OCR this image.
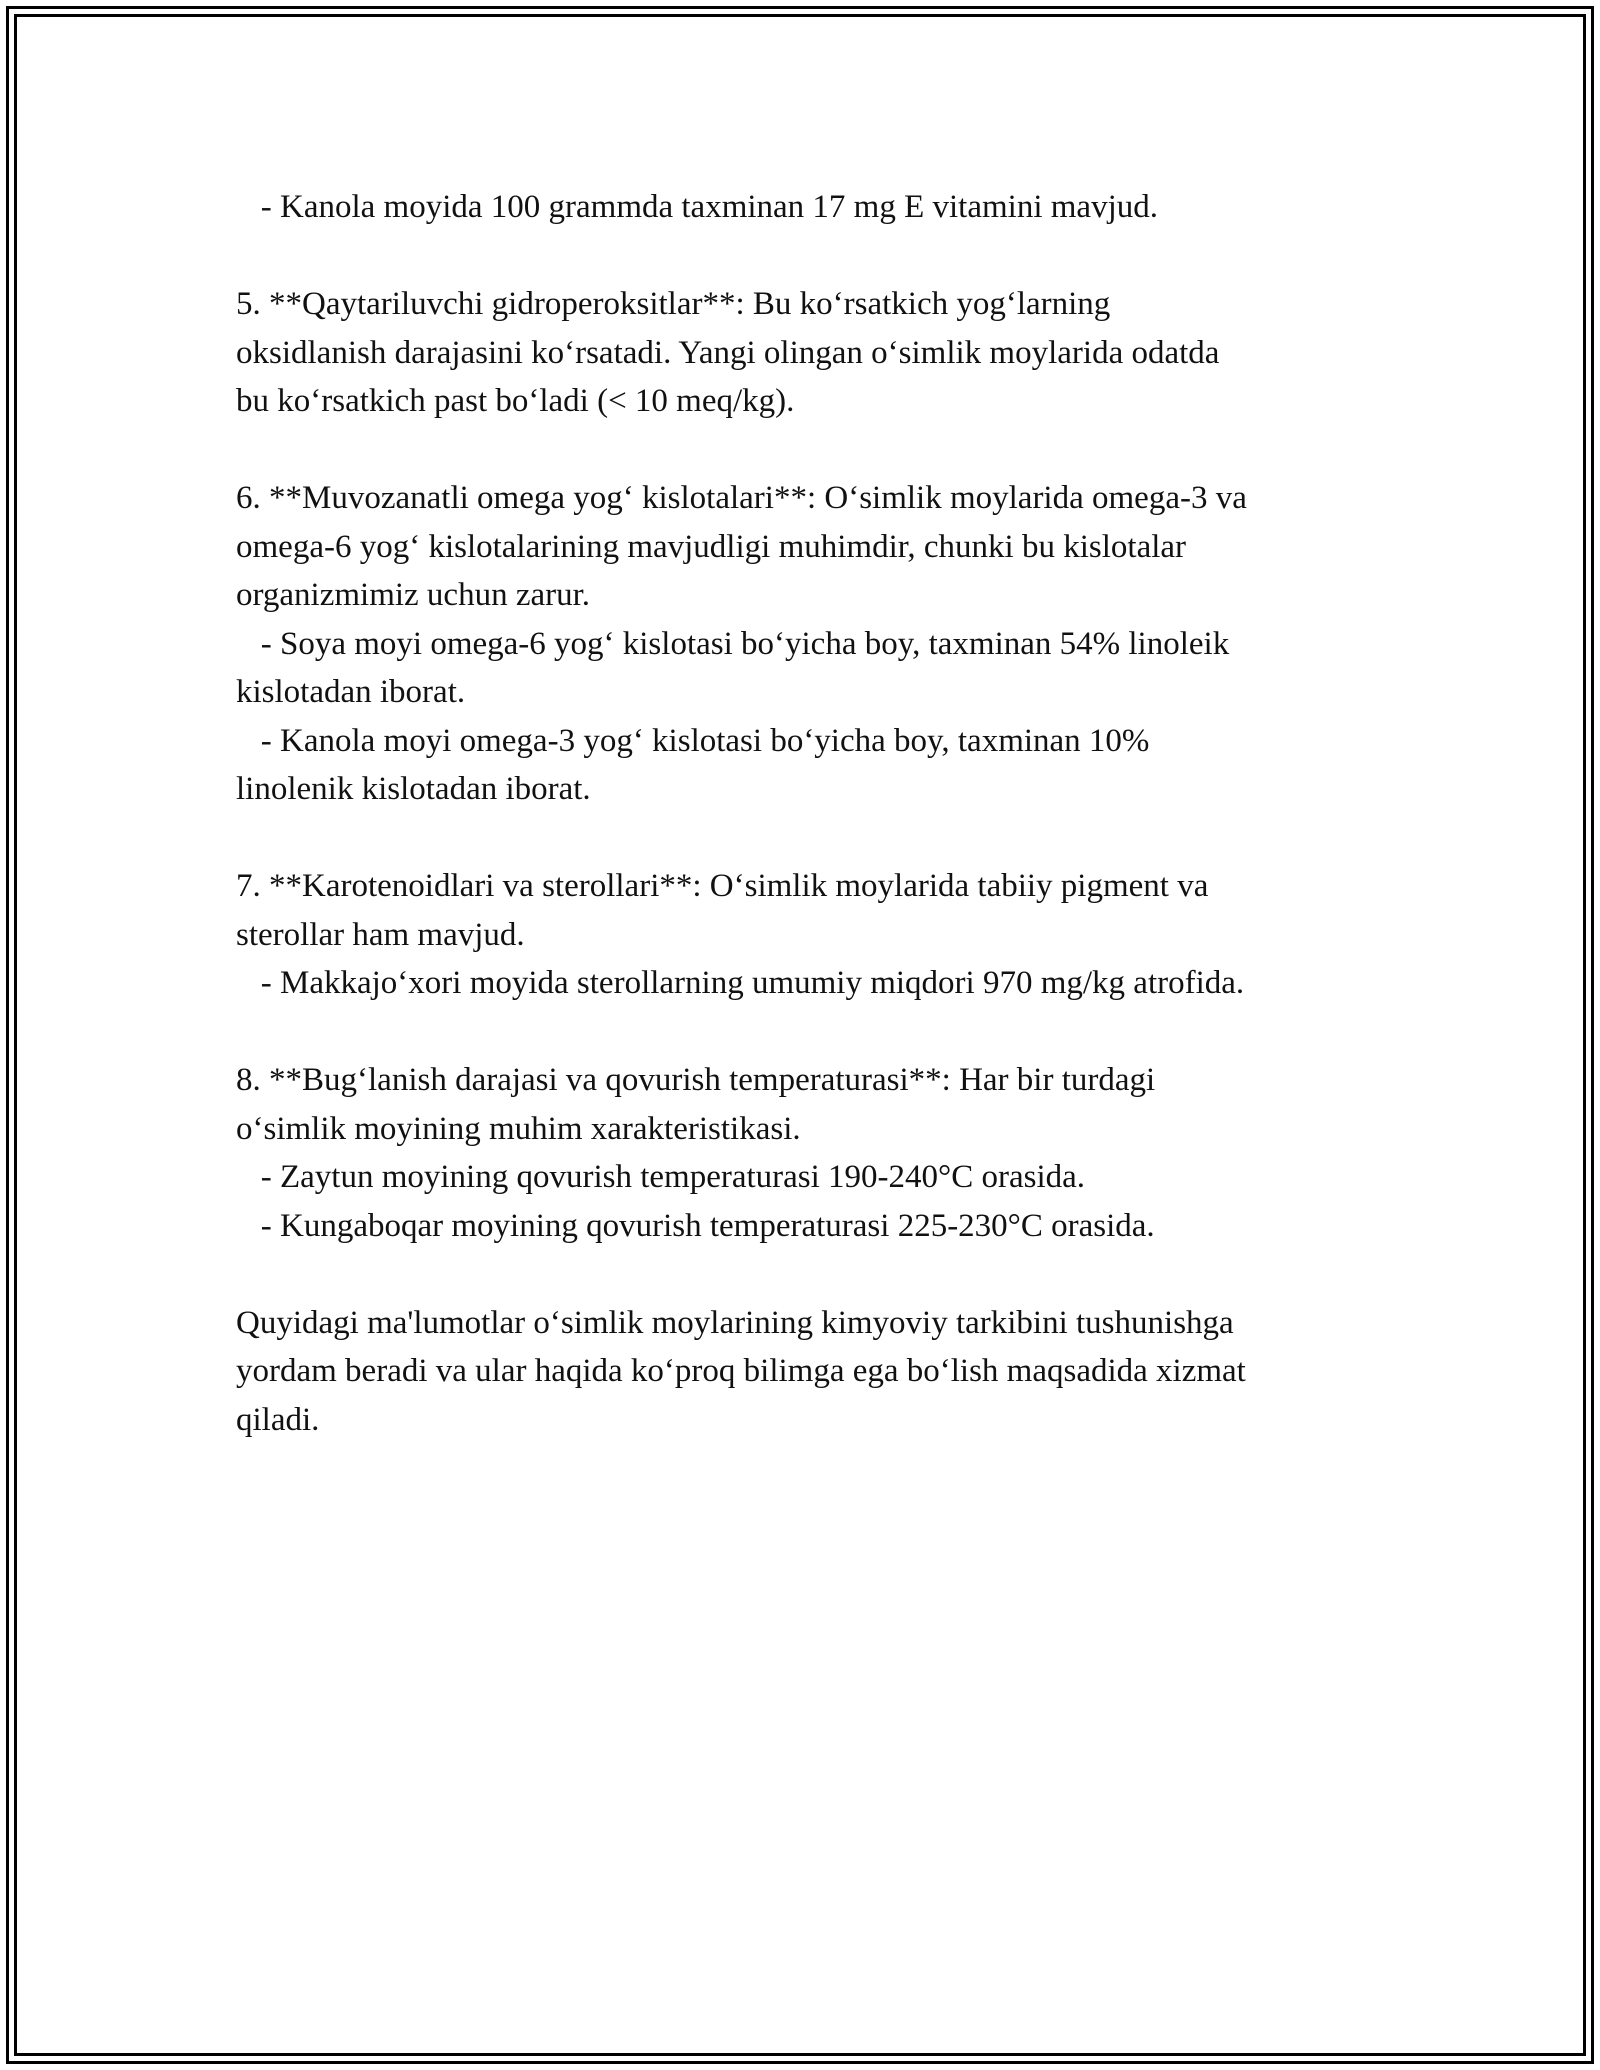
- Kanola moyida 100 grammda taxminan 17 mg E vitamini mavjud.
5. **Qaytariluvchi gidroperoksitlar**: Bu ko‘rsatkich yog‘larning
oksidlanish darajasini ko‘rsatadi. Yangi olingan o‘simlik moylarida odatda
bu ko‘rsatkich past bo‘ladi (< 10 meq/kg).
6. **Muvozanatli omega yog‘ kislotalari**: O‘simlik moylarida omega-3 va
omega-6 yog‘ kislotalarining mavjudligi muhimdir, chunki bu kislotalar
organizmimiz uchun zarur.
- Soya moyi omega-6 yog‘ kislotasi bo‘yicha boy, taxminan 54% linoleik
kislotadan iborat.
- Kanola moyi omega-3 yog‘ kislotasi bo‘yicha boy, taxminan 10%
linolenik kislotadan iborat.
7. **Karotenoidlari va sterollari**: O‘simlik moylarida tabiiy pigment va
sterollar ham mavjud.
- Makkajo‘xori moyida sterollarning umumiy miqdori 970 mg/kg atrofida.
8. **Bug‘lanish darajasi va qovurish temperaturasi**: Har bir turdagi
o‘simlik moyining muhim xarakteristikasi.
- Zaytun moyining qovurish temperaturasi 190-240°C orasida.
- Kungaboqar moyining qovurish temperaturasi 225-230°C orasida.
Quyidagi ma'lumotlar o‘simlik moylarining kimyoviy tarkibini tushunishga
yordam beradi va ular haqida ko‘proq bilimga ega bo‘lish maqsadida xizmat
qiladi.
